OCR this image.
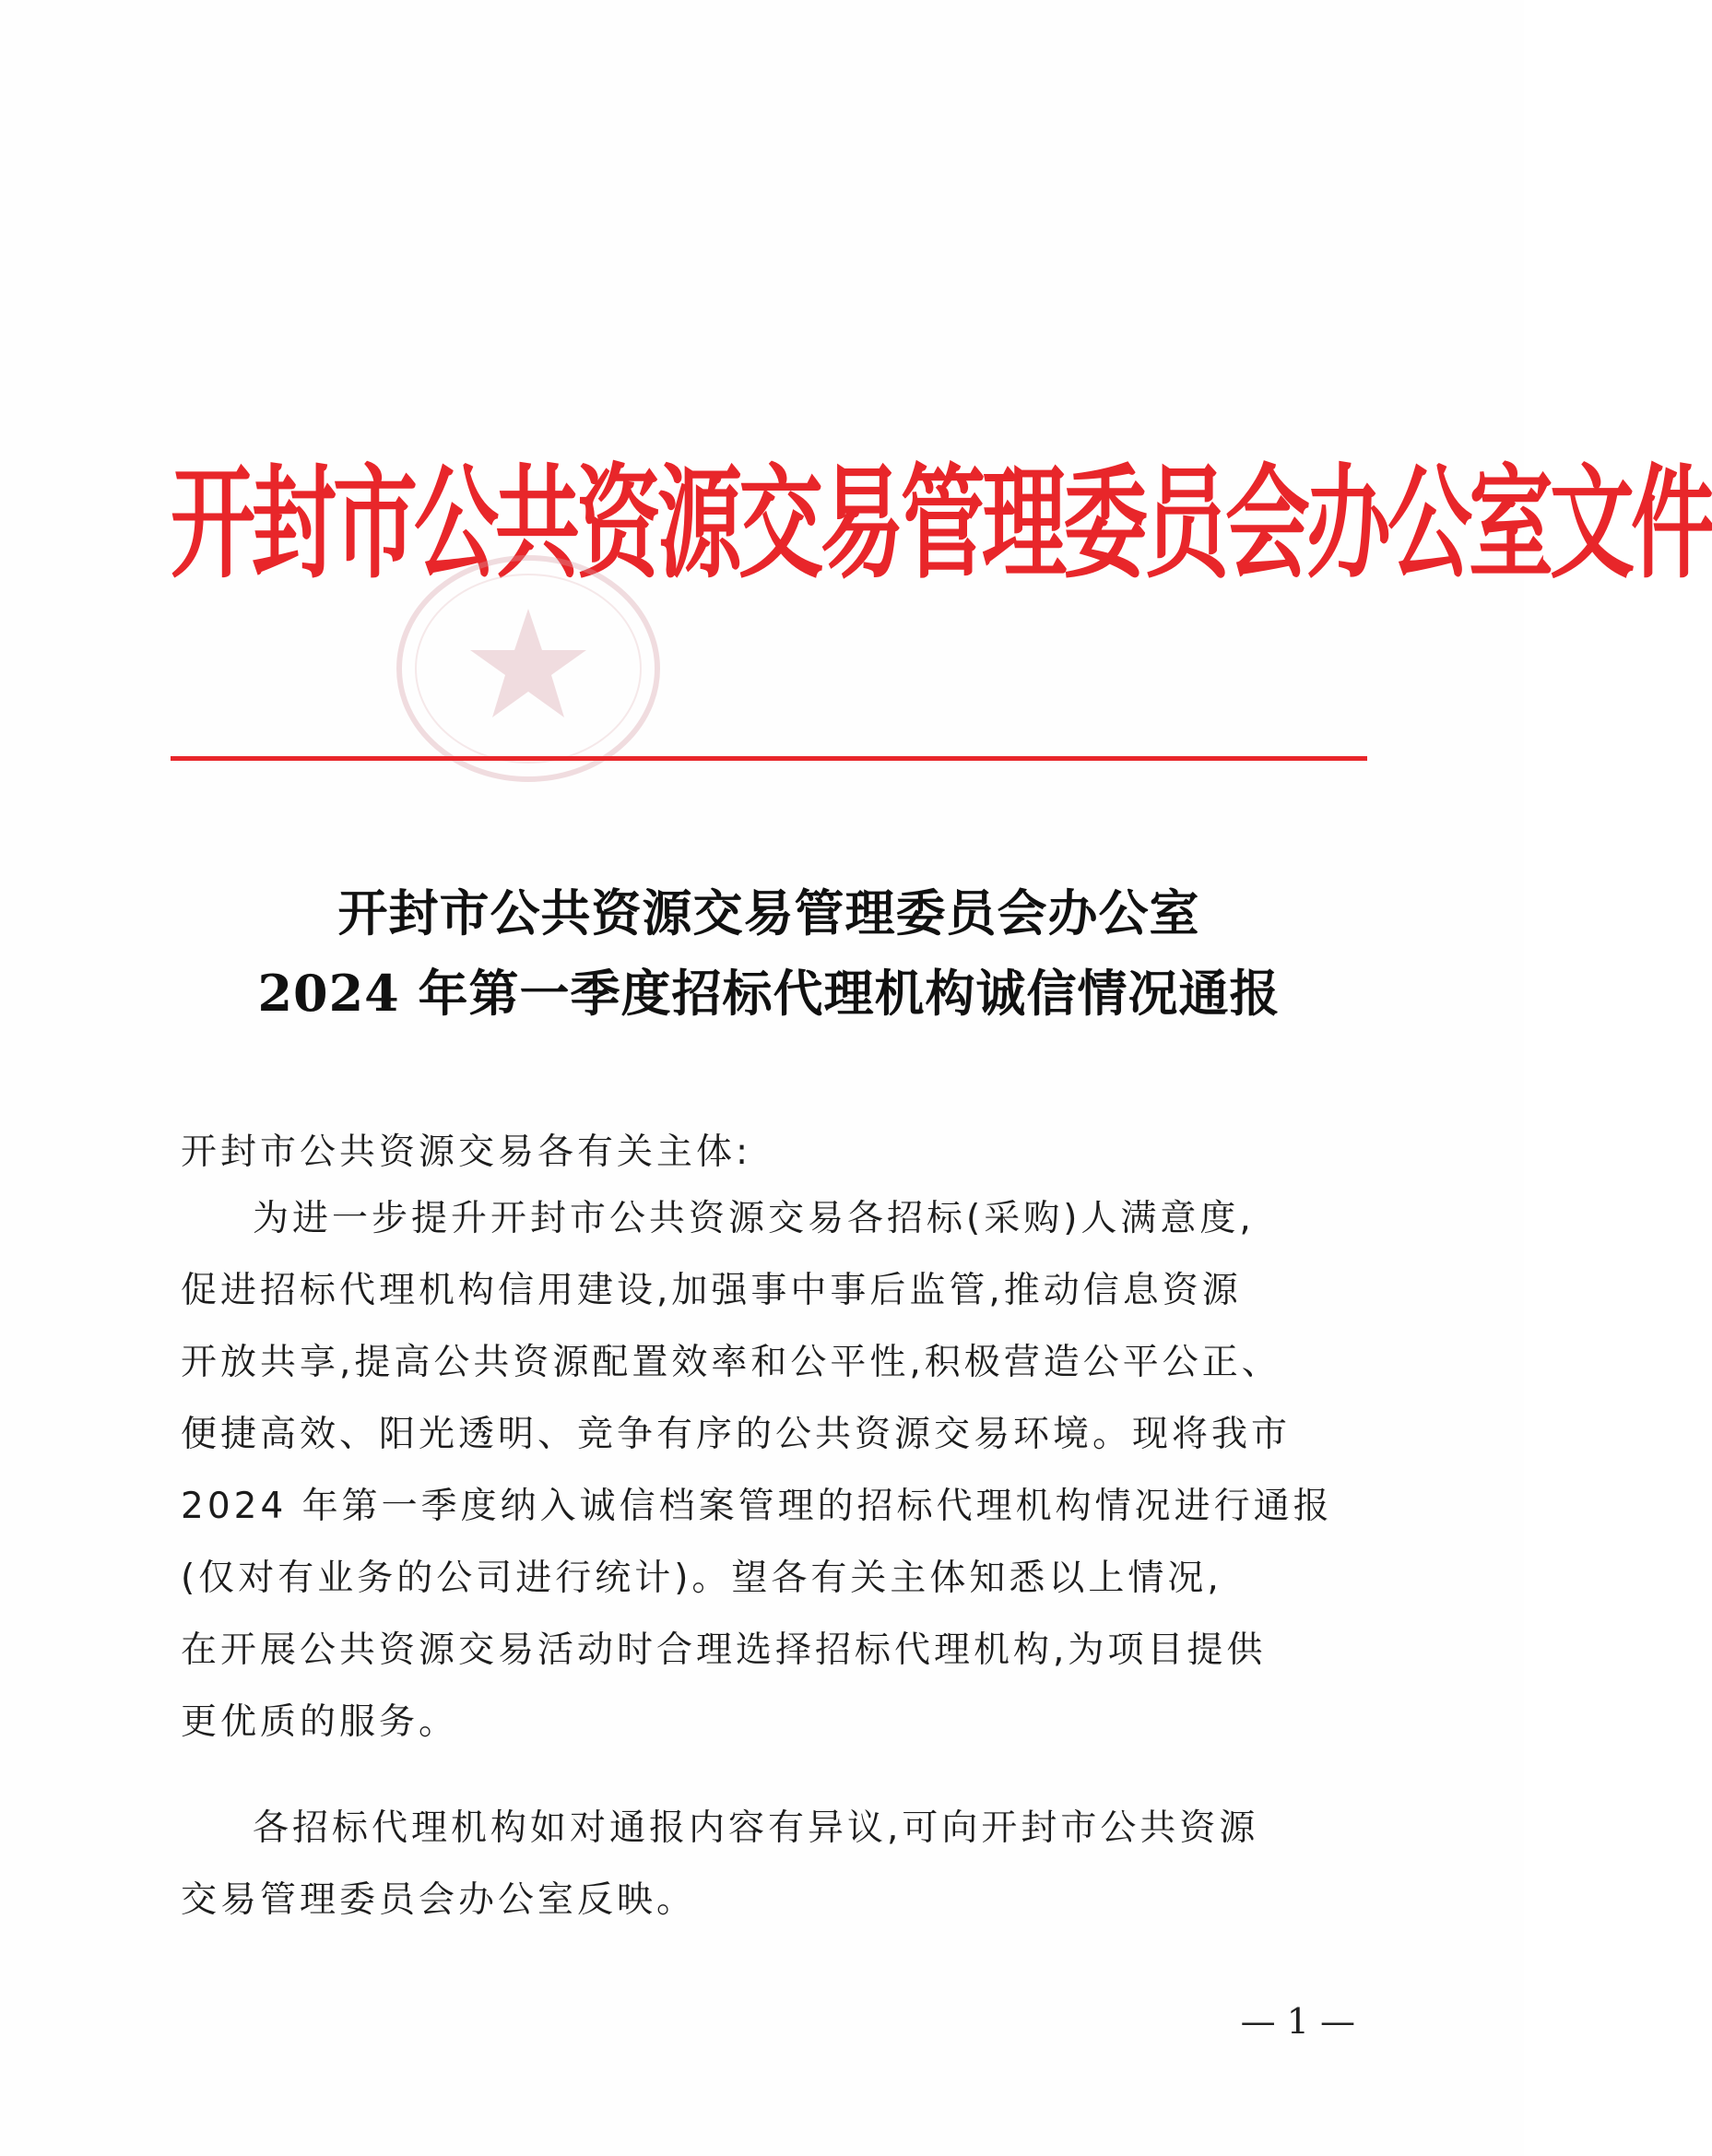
开封市公共资源交易管理委员会办公室文件
开封市公共资源交易管理委员会办公室
2024 年第一季度招标代理机构诚信情况通报
开封市公共资源交易各有关主体:
为进一步提升开封市公共资源交易各招标(采购)人满意度,
促进招标代理机构信用建设,加强事中事后监管,推动信息资源
开放共享,提高公共资源配置效率和公平性,积极营造公平公正、
便捷高效、阳光透明、竞争有序的公共资源交易环境。现将我市
2024 年第一季度纳入诚信档案管理的招标代理机构情况进行通报
(仅对有业务的公司进行统计)。望各有关主体知悉以上情况,
在开展公共资源交易活动时合理选择招标代理机构,为项目提供
更优质的服务。
各招标代理机构如对通报内容有异议,可向开封市公共资源
交易管理委员会办公室反映。
— 1 —
